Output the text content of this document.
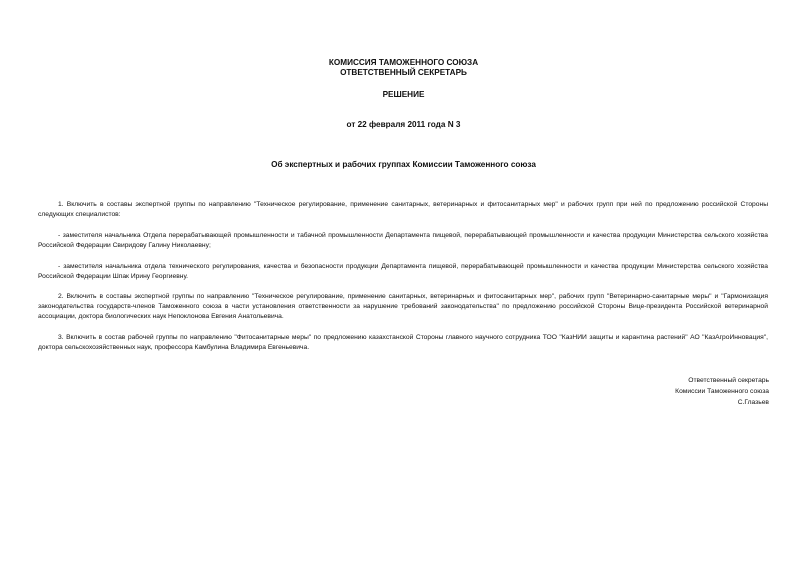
КОМИССИЯ ТАМОЖЕННОГО СОЮЗА
ОТВЕТСТВЕННЫЙ СЕКРЕТАРЬ
РЕШЕНИЕ
от 22 февраля 2011 года N 3
Об экспертных и рабочих группах Комиссии Таможенного союза
1. Включить в составы экспертной группы по направлению "Техническое регулирование, применение санитарных, ветеринарных и фитосанитарных мер" и рабочих групп при ней по предложению российской Стороны следующих специалистов:
- заместителя начальника Отдела перерабатывающей промышленности и табачной промышленности Департамента пищевой, перерабатывающей промышленности и качества продукции Министерства сельского хозяйства Российской Федерации Свиридову Галину Николаевну;
- заместителя начальника отдела технического регулирования, качества и безопасности продукции Департамента пищевой, перерабатывающей промышленности и качества продукции Министерства сельского хозяйства Российской Федерации Шпак Ирину Георгиевну.
2. Включить в составы экспертной группы по направлению "Техническое регулирование, применение санитарных, ветеринарных и фитосанитарных мер", рабочих групп "Ветеринарно-санитарные меры" и "Гармонизация законодательства государств-членов Таможенного союза в части установления ответственности за нарушение требований законодательства" по предложению российской Стороны Вице-президента Российской ветеринарной ассоциации, доктора биологических наук Непоклонова Евгения Анатольевича.
3. Включить в состав рабочей группы по направлению "Фитосанитарные меры" по предложению казахстанской Стороны главного научного сотрудника ТОО "КазНИИ защиты и карантина растений" АО "КазАгроИнновация", доктора сельскохозяйственных наук, профессора Камбулина Владимира Евгеньевича.
Ответственный секретарь
Комиссии Таможенного союза
С.Глазьев
